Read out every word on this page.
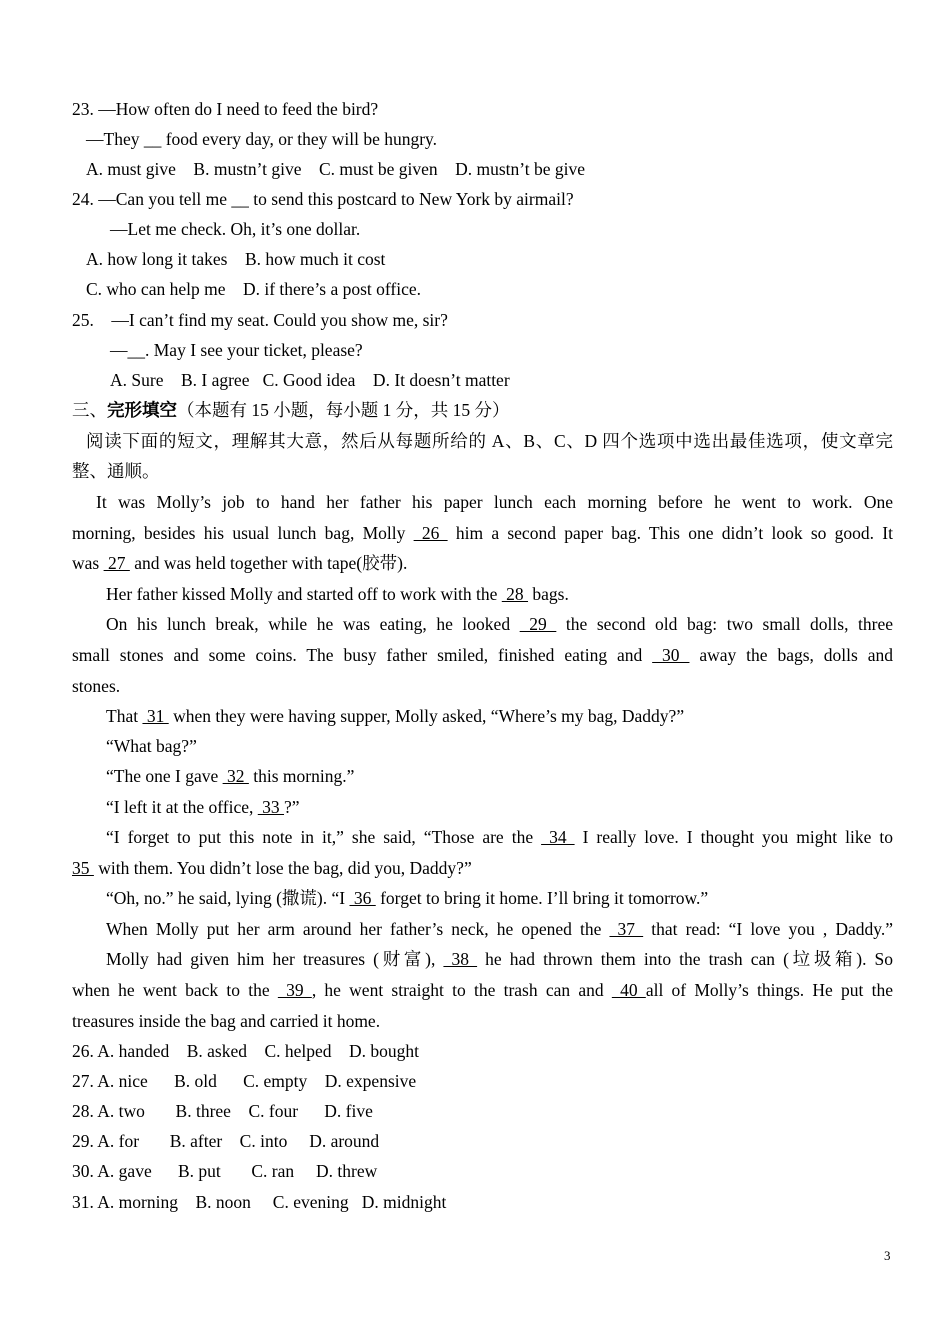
23. —How often do I need to feed the bird?
—They __ food every day, or they will be hungry.
A. must give    B. mustn’t give    C. must be given    D. mustn’t be give
24. —Can you tell me __ to send this postcard to New York by airmail?
—Let me check. Oh, it’s one dollar.
A. how long it takes    B. how much it cost
C. who can help me    D. if there’s a post office.
25.    —I can’t find my seat. Could you show me, sir?
—__. May I see your ticket, please?
A. Sure    B. I agree   C. Good idea    D. It doesn’t matter
三、完形填空（本题有 15 小题，每小题 1 分，共 15 分）
阅读下面的短文，理解其大意，然后从每题所给的 A、B、C、D 四个选项中选出最佳选项，使文章完
整、通顺。
It was Molly’s job to hand her father his paper lunch each morning before he went to work. One
morning, besides his usual lunch bag, Molly  26  him a second paper bag. This one didn’t look so good. It
was  27  and was held together with tape(胶带).
Her father kissed Molly and started off to work with the  28  bags.
On his lunch break, while he was eating, he looked  29  the second old bag: two small dolls, three
small stones and some coins. The busy father smiled, finished eating and  30  away the bags, dolls and
stones.
That  31  when they were having supper, Molly asked, “Where’s my bag, Daddy?”
“What bag?”
“The one I gave  32  this morning.”
“I left it at the office,  33 ?”
“I forget to put this note in it,” she said, “Those are the  34  I really love. I thought you might like to
35  with them. You didn’t lose the bag, did you, Daddy?”
“Oh, no.” he said, lying (撒谎). “I  36  forget to bring it home. I’ll bring it tomorrow.”
When Molly put her arm around her father’s neck, he opened the  37  that read: “I love you , Daddy.”
Molly had given him her treasures (财富),  38  he had thrown them into the trash can (垃圾箱). So
when he went back to the  39 , he went straight to the trash can and  40 all of Molly’s things. He put the
treasures inside the bag and carried it home.
26. A. handed    B. asked    C. helped    D. bought
27. A. nice      B. old      C. empty    D. expensive
28. A. two       B. three    C. four      D. five
29. A. for       B. after    C. into     D. around
30. A. gave      B. put       C. ran     D. threw
31. A. morning    B. noon     C. evening   D. midnight
3
